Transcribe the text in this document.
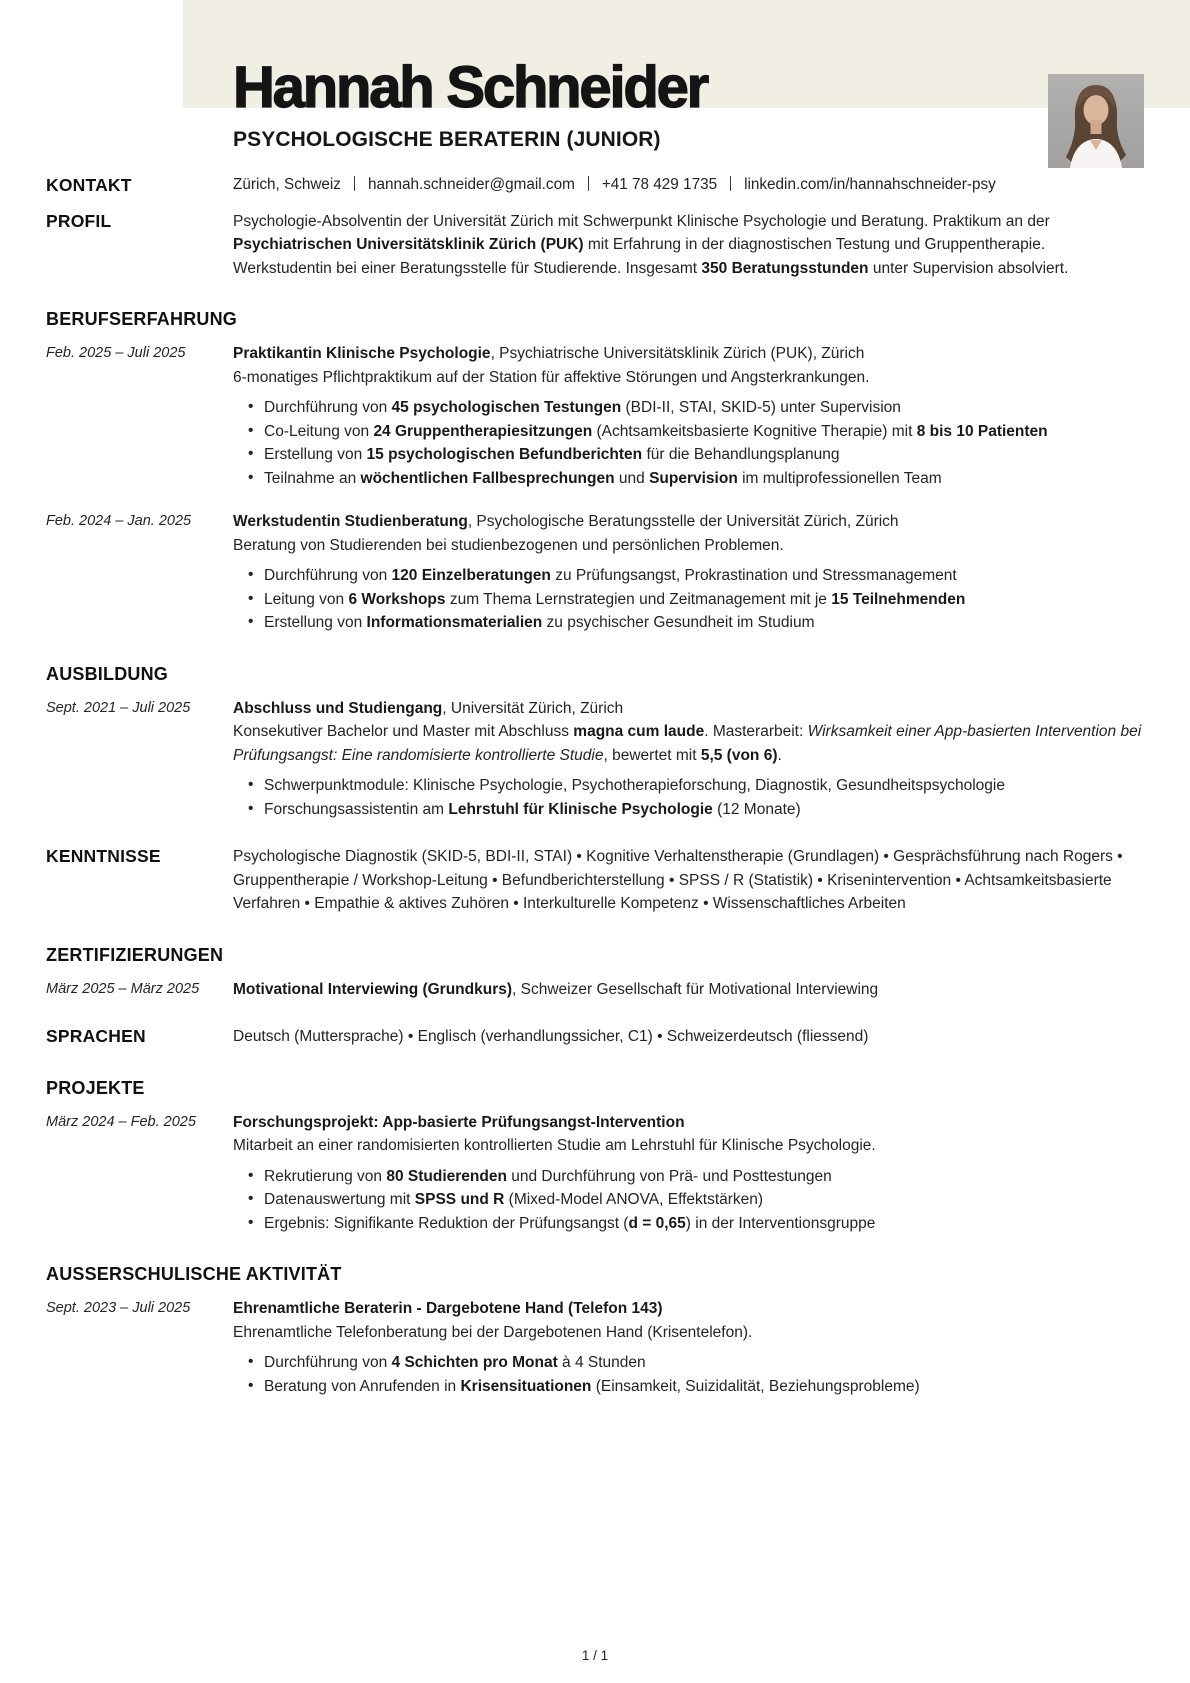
Hannah Schneider
PSYCHOLOGISCHE BERATERIN (JUNIOR)
KONTAKT	Zürich, Schweiz hannah.schneider@gmail.com +41 78 429 1735 linkedin.com/in/hannahschneider-psy
PROFIL	Psychologie-Absolventin der Universität Zürich mit Schwerpunkt Klinische Psychologie und Beratung. Praktikum an der Psychiatrischen Universitätsklinik Zürich (PUK) mit Erfahrung in der diagnostischen Testung und Gruppentherapie. Werkstudentin bei einer Beratungsstelle für Studierende. Insgesamt 350 Beratungsstunden unter Supervision absolviert.

BERUFSERFAHRUNG
Feb. 2025 – Juli 2025	Praktikantin Klinische Psychologie, Psychiatrische Universitätsklinik Zürich (PUK), Zürich

6-monatiges Pflichtpraktikum auf der Station für affektive Störungen und Angsterkrankungen.

• Durchführung von 45 psychologischen Testungen (BDI-II, STAI, SKID-5) unter Supervision
• Co-Leitung von 24 Gruppentherapiesitzungen (Achtsamkeitsbasierte Kognitive Therapie) mit 8 bis 10 Patienten
• Erstellung von 15 psychologischen Befundberichten für die Behandlungsplanung
• Teilnahme an wöchentlichen Fallbesprechungen und Supervision im multiprofessionellen Team
Feb. 2024 – Jan. 2025	Werkstudentin Studienberatung, Psychologische Beratungsstelle der Universität Zürich, Zürich

Beratung von Studierenden bei studienbezogenen und persönlichen Problemen.

• Durchführung von 120 Einzelberatungen zu Prüfungsangst, Prokrastination und Stressmanagement
• Leitung von 6 Workshops zum Thema Lernstrategien und Zeitmanagement mit je 15 Teilnehmenden
• Erstellung von Informationsmaterialien zu psychischer Gesundheit im Studium
AUSBILDUNG
Sept. 2021 – Juli 2025	Abschluss und Studiengang, Universität Zürich, Zürich

Konsekutiver Bachelor und Master mit Abschluss magna cum laude. Masterarbeit: Wirksamkeit einer App-basierten Intervention bei Prüfungsangst: Eine randomisierte kontrollierte Studie, bewertet mit 5,5 (von 6).

• Schwerpunktmodule: Klinische Psychologie, Psychotherapieforschung, Diagnostik, Gesundheitspsychologie
• Forschungsassistentin am Lehrstuhl für Klinische Psychologie (12 Monate)
KENNTNISSE	Psychologische Diagnostik (SKID-5, BDI-II, STAI) • Kognitive Verhaltenstherapie (Grundlagen) • Gesprächsführung nach Rogers • Gruppentherapie / Workshop-Leitung • Befundberichterstellung • SPSS / R (Statistik) • Krisenintervention • Achtsamkeitsbasierte Verfahren • Empathie & aktives Zuhören • Interkulturelle Kompetenz • Wissenschaftliches Arbeiten

ZERTIFIZIERUNGEN
März 2025 – März 2025	Motivational Interviewing (Grundkurs), Schweizer Gesellschaft für Motivational Interviewing

SPRACHEN	Deutsch (Muttersprache) • Englisch (verhandlungssicher, C1) • Schweizerdeutsch (fliessend)

PROJEKTE
März 2024 – Feb. 2025	Forschungsprojekt: App-basierte Prüfungsangst-Intervention

Mitarbeit an einer randomisierten kontrollierten Studie am Lehrstuhl für Klinische Psychologie.

• Rekrutierung von 80 Studierenden und Durchführung von Prä- und Posttestungen
• Datenauswertung mit SPSS und R (Mixed-Model ANOVA, Effektstärken)
• Ergebnis: Signifikante Reduktion der Prüfungsangst (d = 0,65) in der Interventionsgruppe
AUSSERSCHULISCHE AKTIVITÄT
Sept. 2023 – Juli 2025	Ehrenamtliche Beraterin - Dargebotene Hand (Telefon 143)

Ehrenamtliche Telefonberatung bei der Dargebotenen Hand (Krisentelefon).

• Durchführung von 4 Schichten pro Monat à 4 Stunden
• Beratung von Anrufenden in Krisensituationen (Einsamkeit, Suizidalität, Beziehungsprobleme)
1 / 1
